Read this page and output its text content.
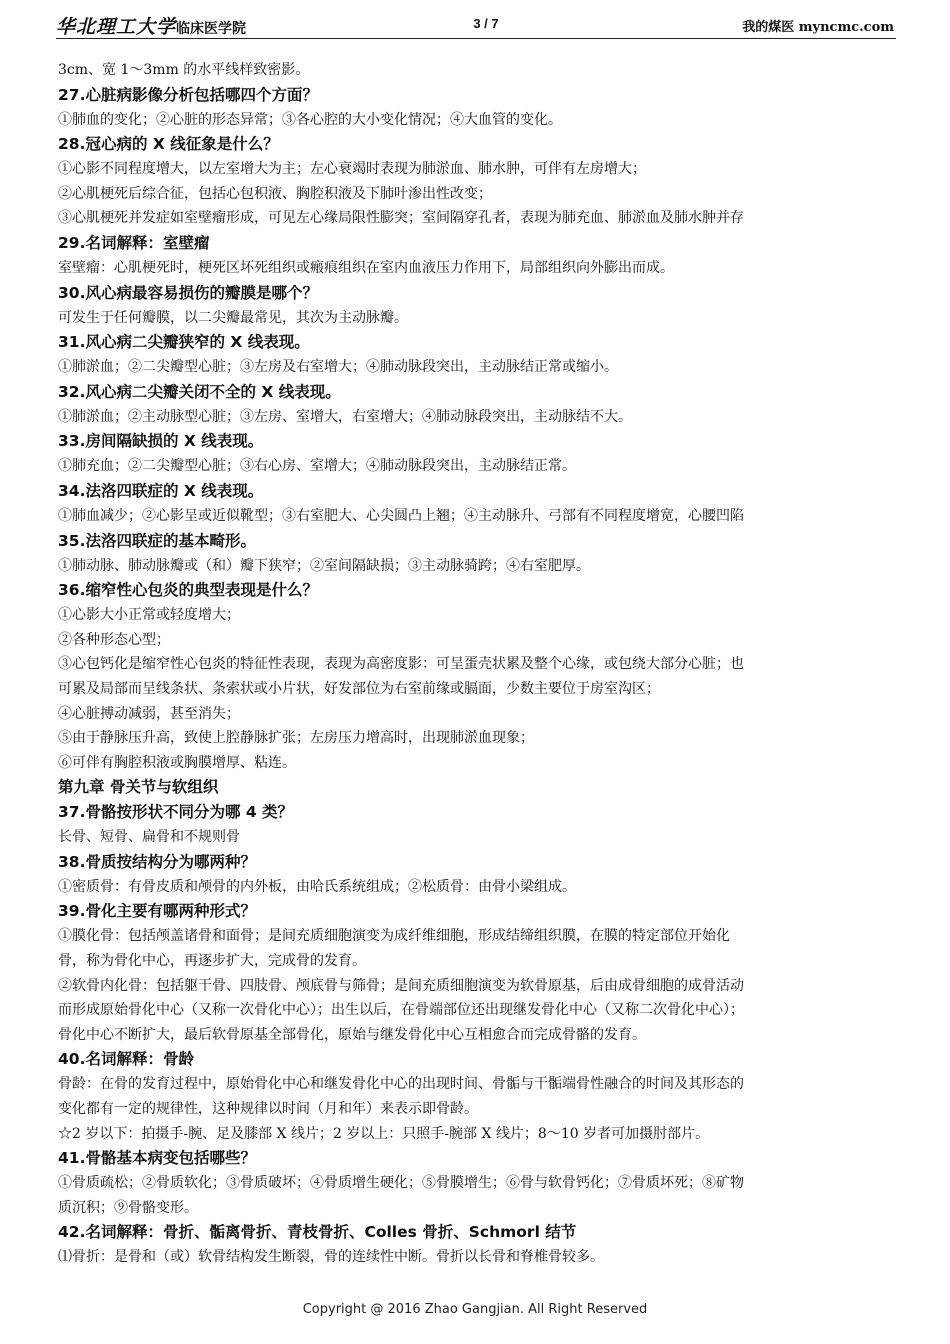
华北理工大学临床医学院	3 / 7	我的煤医 myncmc.com
3cm、宽 1～3mm 的水平线样致密影。
27.心脏病影像分析包括哪四个方面？
①肺血的变化；②心脏的形态异常；③各心腔的大小变化情况；④大血管的变化。
28.冠心病的 X 线征象是什么？
①心影不同程度增大，以左室增大为主；左心衰竭时表现为肺淤血、肺水肿，可伴有左房增大；
②心肌梗死后综合征，包括心包积液、胸腔积液及下肺叶渗出性改变；
③心肌梗死并发症如室壁瘤形成，可见左心缘局限性膨突；室间隔穿孔者，表现为肺充血、肺淤血及肺水肿并存
29.名词解释：室壁瘤
室壁瘤：心肌梗死时，梗死区坏死组织或瘢痕组织在室内血液压力作用下，局部组织向外膨出而成。
30.风心病最容易损伤的瓣膜是哪个？
可发生于任何瓣膜，以二尖瓣最常见，其次为主动脉瓣。
31.风心病二尖瓣狭窄的 X 线表现。
①肺淤血；②二尖瓣型心脏；③左房及右室增大；④肺动脉段突出，主动脉结正常或缩小。
32.风心病二尖瓣关闭不全的 X 线表现。
①肺淤血；②主动脉型心脏；③左房、室增大，右室增大；④肺动脉段突出，主动脉结不大。
33.房间隔缺损的 X 线表现。
①肺充血；②二尖瓣型心脏；③右心房、室增大；④肺动脉段突出，主动脉结正常。
34.法洛四联症的 X 线表现。
①肺血减少；②心影呈或近似靴型；③右室肥大、心尖圆凸上翘；④主动脉升、弓部有不同程度增宽，心腰凹陷
35.法洛四联症的基本畸形。
①肺动脉、肺动脉瓣或（和）瓣下狭窄；②室间隔缺损；③主动脉骑跨；④右室肥厚。
36.缩窄性心包炎的典型表现是什么？
①心影大小正常或轻度增大；
②各种形态心型；
③心包钙化是缩窄性心包炎的特征性表现，表现为高密度影：可呈蛋壳状累及整个心缘，或包绕大部分心脏；也
可累及局部而呈线条状、条索状或小片状，好发部位为右室前缘或膈面，少数主要位于房室沟区；
④心脏搏动减弱，甚至消失；
⑤由于静脉压升高，致使上腔静脉扩张；左房压力增高时，出现肺淤血现象；
⑥可伴有胸腔积液或胸膜增厚、粘连。
第九章 骨关节与软组织
37.骨骼按形状不同分为哪 4 类？
长骨、短骨、扁骨和不规则骨
38.骨质按结构分为哪两种？
①密质骨：有骨皮质和颅骨的内外板，由哈氏系统组成；②松质骨：由骨小梁组成。
39.骨化主要有哪两种形式？
①膜化骨：包括颅盖诸骨和面骨；是间充质细胞演变为成纤维细胞，形成结缔组织膜，在膜的特定部位开始化
骨，称为骨化中心，再逐步扩大，完成骨的发育。
②软骨内化骨：包括躯干骨、四肢骨、颅底骨与筛骨；是间充质细胞演变为软骨原基，后由成骨细胞的成骨活动
而形成原始骨化中心（又称一次骨化中心）；出生以后，在骨端部位还出现继发骨化中心（又称二次骨化中心）；
骨化中心不断扩大，最后软骨原基全部骨化，原始与继发骨化中心互相愈合而完成骨骼的发育。
40.名词解释：骨龄
骨龄：在骨的发育过程中，原始骨化中心和继发骨化中心的出现时间、骨骺与干骺端骨性融合的时间及其形态的
变化都有一定的规律性，这种规律以时间（月和年）来表示即骨龄。
☆2 岁以下：拍摄手-腕、足及膝部 X 线片；2 岁以上：只照手-腕部 X 线片；8～10 岁者可加摄肘部片。
41.骨骼基本病变包括哪些？
①骨质疏松；②骨质软化；③骨质破坏；④骨质增生硬化；⑤骨膜增生；⑥骨与软骨钙化；⑦骨质坏死；⑧矿物
质沉积；⑨骨骼变形。
42.名词解释：骨折、骺离骨折、青枝骨折、Colles 骨折、Schmorl 结节
⑴骨折：是骨和（或）软骨结构发生断裂，骨的连续性中断。骨折以长骨和脊椎骨较多。
Copyright @ 2016 Zhao Gangjian. All Right Reserved
